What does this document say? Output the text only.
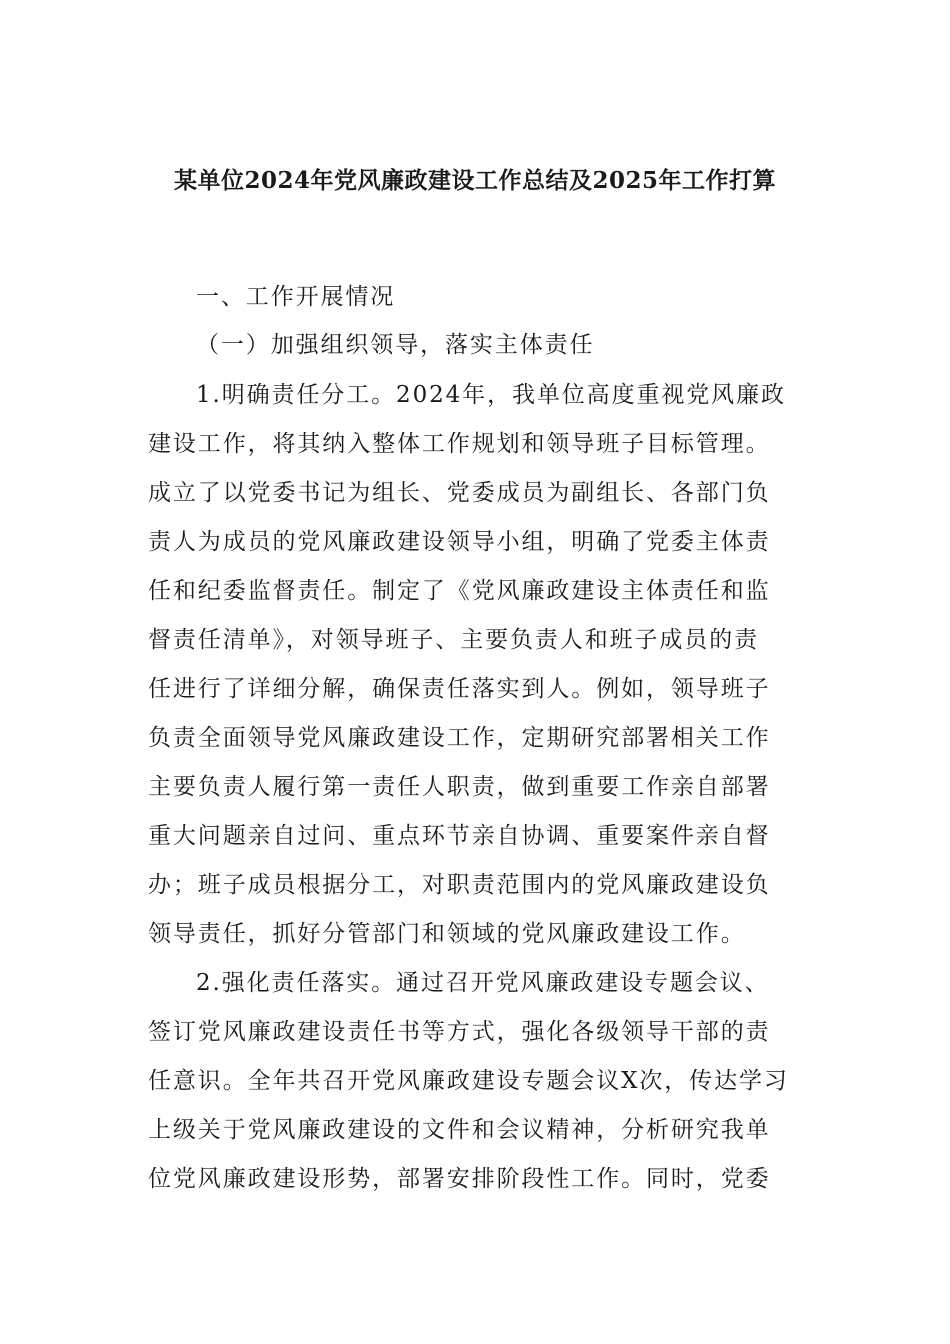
某单位2024年党风廉政建设工作总结及2025年工作打算
一、工作开展情况
（一）加强组织领导，落实主体责任
1.明确责任分工。2024年，我单位高度重视党风廉政
建设工作，将其纳入整体工作规划和领导班子目标管理。
成立了以党委书记为组长、党委成员为副组长、各部门负
责人为成员的党风廉政建设领导小组，明确了党委主体责
任和纪委监督责任。制定了《党风廉政建设主体责任和监
督责任清单》，对领导班子、主要负责人和班子成员的责
任进行了详细分解，确保责任落实到人。例如，领导班子
负责全面领导党风廉政建设工作，定期研究部署相关工作
主要负责人履行第一责任人职责，做到重要工作亲自部署
重大问题亲自过问、重点环节亲自协调、重要案件亲自督
办；班子成员根据分工，对职责范围内的党风廉政建设负
领导责任，抓好分管部门和领域的党风廉政建设工作。
2.强化责任落实。通过召开党风廉政建设专题会议、
签订党风廉政建设责任书等方式，强化各级领导干部的责
任意识。全年共召开党风廉政建设专题会议X次，传达学习
上级关于党风廉政建设的文件和会议精神，分析研究我单
位党风廉政建设形势，部署安排阶段性工作。同时，党委
